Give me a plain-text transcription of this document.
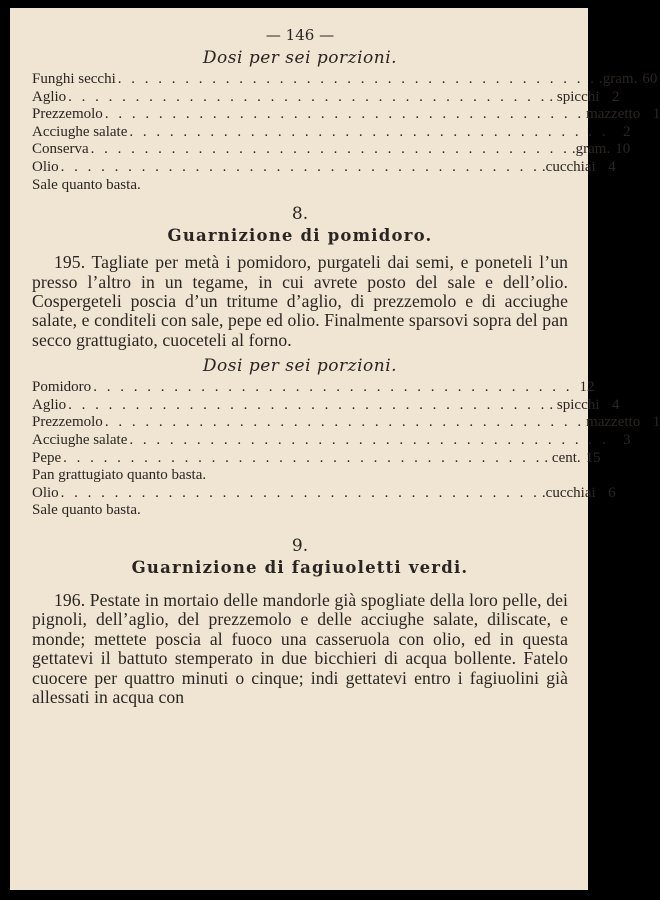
— 146 —
Dosi per sei porzioni.
Funghi secchi . . . . . . . . . . . . . . . . . . . . . . . . . . . . . . . . . . . . .gram. 60
Aglio . . . . . . . . . . . . . . . . . . . . . . . . . . . . . . . . . . . . . spicchi 2
Prezzemolo . . . . . . . . . . . . . . . . . . . . . . . . . . . . . . . . . . . . mazzetto 1
Acciughe salate . . . . . . . . . . . . . . . . . . . . . . . . . . . . . . . . . . . . 2
Conserva . . . . . . . . . . . . . . . . . . . . . . . . . . . . . . . . . . . . .gram. 10
Olio . . . . . . . . . . . . . . . . . . . . . . . . . . . . . . . . . . . . .cucchiai 4
Sale quanto basta.
8.
Guarnizione di pomidoro.

195. Tagliate per metà i pomidoro, purgateli dai semi, e poneteli l’un presso l’altro in un tegame, in cui avrete posto del sale e dell’olio. Cospergeteli poscia d’un tritume d’aglio, di prezzemolo e di acciughe salate, e conditeli con sale, pepe ed olio. Finalmente sparsovi sopra del pan secco grattugiato, cuoceteli al forno.

Dosi per sei porzioni.
Pomidoro . . . . . . . . . . . . . . . . . . . . . . . . . . . . . . . . . . . . 12
Aglio . . . . . . . . . . . . . . . . . . . . . . . . . . . . . . . . . . . . . spicchi 4
Prezzemolo . . . . . . . . . . . . . . . . . . . . . . . . . . . . . . . . . . . . mazzetto 1
Acciughe salate . . . . . . . . . . . . . . . . . . . . . . . . . . . . . . . . . . . . 3
Pepe . . . . . . . . . . . . . . . . . . . . . . . . . . . . . . . . . . . . . cent. 15
Pan grattugiato quanto basta.
Olio . . . . . . . . . . . . . . . . . . . . . . . . . . . . . . . . . . . . .cucchiai 6
Sale quanto basta.
9.
Guarnizione di fagiuoletti verdi.

196. Pestate in mortaio delle mandorle già spogliate della loro pelle, dei pignoli, dell’aglio, del prezzemolo e delle acciughe salate, diliscate, e monde; mettete poscia al fuoco una casseruola con olio, ed in questa gettatevi il battuto stemperato in due bicchieri di acqua bollente. Fatelo cuocere per quattro minuti o cinque; indi gettatevi entro i fagiuolini già allessati in acqua con
